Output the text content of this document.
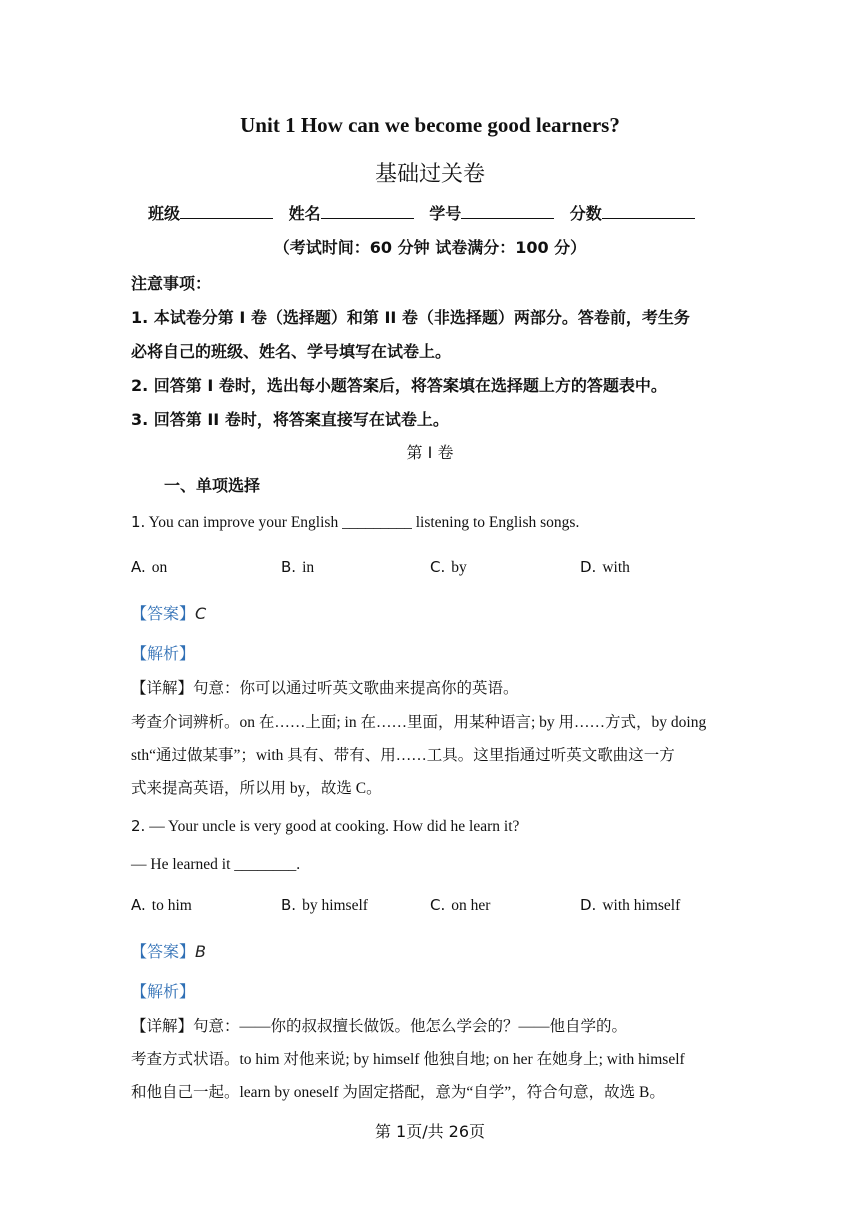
Unit 1 How can we become good learners?
基础过关卷
班级	姓名	学号	分数
（考试时间：60 分钟 试卷满分：100 分）
注意事项：
1. 本试卷分第 I 卷（选择题）和第 II 卷（非选择题）两部分。答卷前，考生务
必将自己的班级、姓名、学号填写在试卷上。
2. 回答第 I 卷时，选出每小题答案后，将答案填在选择题上方的答题表中。
3. 回答第 II 卷时，将答案直接写在试卷上。
第 I 卷
一、单项选择
1. You can improve your English _________ listening to English songs.
A. on	B. in	C. by	D. with
【答案】C
【解析】
【详解】句意：你可以通过听英文歌曲来提高你的英语。
考查介词辨析。on 在……上面; in 在……里面，用某种语言; by 用……方式，by doing
sth“通过做某事”；with 具有、带有、用……工具。这里指通过听英文歌曲这一方
式来提高英语，所以用 by，故选 C。
2. — Your uncle is very good at cooking. How did he learn it?
— He learned it ________.
A. to him	B. by himself	C. on her	D. with himself
【答案】B
【解析】
【详解】句意：——你的叔叔擅长做饭。他怎么学会的？——他自学的。
考查方式状语。to him 对他来说; by himself 他独自地; on her 在她身上; with himself
和他自己一起。learn by oneself 为固定搭配，意为“自学”，符合句意，故选 B。
第 1页/共 26页
